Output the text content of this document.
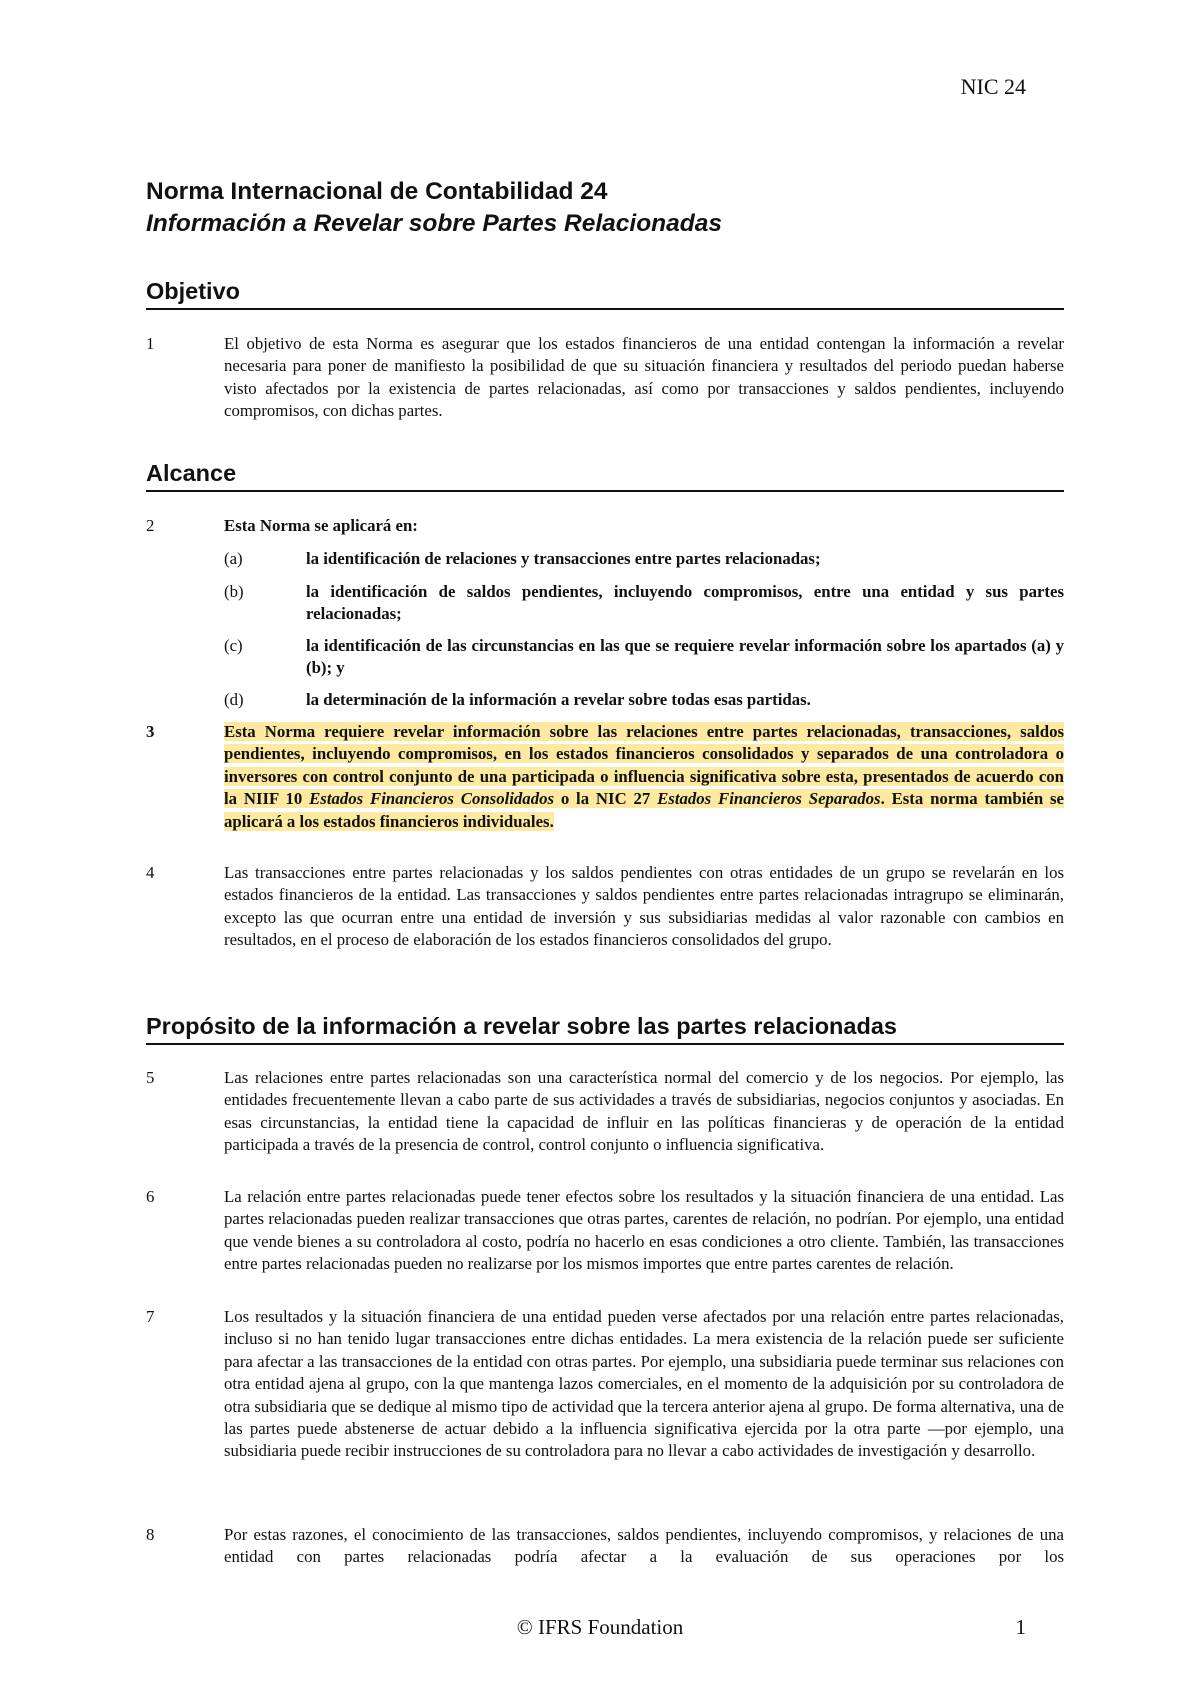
NIC 24
Norma Internacional de Contabilidad 24
Información a Revelar sobre Partes Relacionadas
Objetivo
1	El objetivo de esta Norma es asegurar que los estados financieros de una entidad contengan la información a revelar necesaria para poner de manifiesto la posibilidad de que su situación financiera y resultados del periodo puedan haberse visto afectados por la existencia de partes relacionadas, así como por transacciones y saldos pendientes, incluyendo compromisos, con dichas partes.
Alcance
2	Esta Norma se aplicará en:
(a)	la identificación de relaciones y transacciones entre partes relacionadas;
(b)	la identificación de saldos pendientes, incluyendo compromisos, entre una entidad y sus partes relacionadas;
(c)	la identificación de las circunstancias en las que se requiere revelar información sobre los apartados (a) y (b); y
(d)	la determinación de la información a revelar sobre todas esas partidas.
3	Esta Norma requiere revelar información sobre las relaciones entre partes relacionadas, transacciones, saldos pendientes, incluyendo compromisos, en los estados financieros consolidados y separados de una controladora o inversores con control conjunto de una participada o influencia significativa sobre esta, presentados de acuerdo con la NIIF 10 Estados Financieros Consolidados o la NIC 27 Estados Financieros Separados. Esta norma también se aplicará a los estados financieros individuales.
4	Las transacciones entre partes relacionadas y los saldos pendientes con otras entidades de un grupo se revelarán en los estados financieros de la entidad. Las transacciones y saldos pendientes entre partes relacionadas intragrupo se eliminarán, excepto las que ocurran entre una entidad de inversión y sus subsidiarias medidas al valor razonable con cambios en resultados, en el proceso de elaboración de los estados financieros consolidados del grupo.
Propósito de la información a revelar sobre las partes relacionadas
5	Las relaciones entre partes relacionadas son una característica normal del comercio y de los negocios. Por ejemplo, las entidades frecuentemente llevan a cabo parte de sus actividades a través de subsidiarias, negocios conjuntos y asociadas. En esas circunstancias, la entidad tiene la capacidad de influir en las políticas financieras y de operación de la entidad participada a través de la presencia de control, control conjunto o influencia significativa.
6	La relación entre partes relacionadas puede tener efectos sobre los resultados y la situación financiera de una entidad. Las partes relacionadas pueden realizar transacciones que otras partes, carentes de relación, no podrían. Por ejemplo, una entidad que vende bienes a su controladora al costo, podría no hacerlo en esas condiciones a otro cliente. También, las transacciones entre partes relacionadas pueden no realizarse por los mismos importes que entre partes carentes de relación.
7	Los resultados y la situación financiera de una entidad pueden verse afectados por una relación entre partes relacionadas, incluso si no han tenido lugar transacciones entre dichas entidades. La mera existencia de la relación puede ser suficiente para afectar a las transacciones de la entidad con otras partes. Por ejemplo, una subsidiaria puede terminar sus relaciones con otra entidad ajena al grupo, con la que mantenga lazos comerciales, en el momento de la adquisición por su controladora de otra subsidiaria que se dedique al mismo tipo de actividad que la tercera anterior ajena al grupo. De forma alternativa, una de las partes puede abstenerse de actuar debido a la influencia significativa ejercida por la otra parte —por ejemplo, una subsidiaria puede recibir instrucciones de su controladora para no llevar a cabo actividades de investigación y desarrollo.
8	Por estas razones, el conocimiento de las transacciones, saldos pendientes, incluyendo compromisos, y relaciones de una entidad con partes relacionadas podría afectar a la evaluación de sus operaciones por los
© IFRS Foundation	1
